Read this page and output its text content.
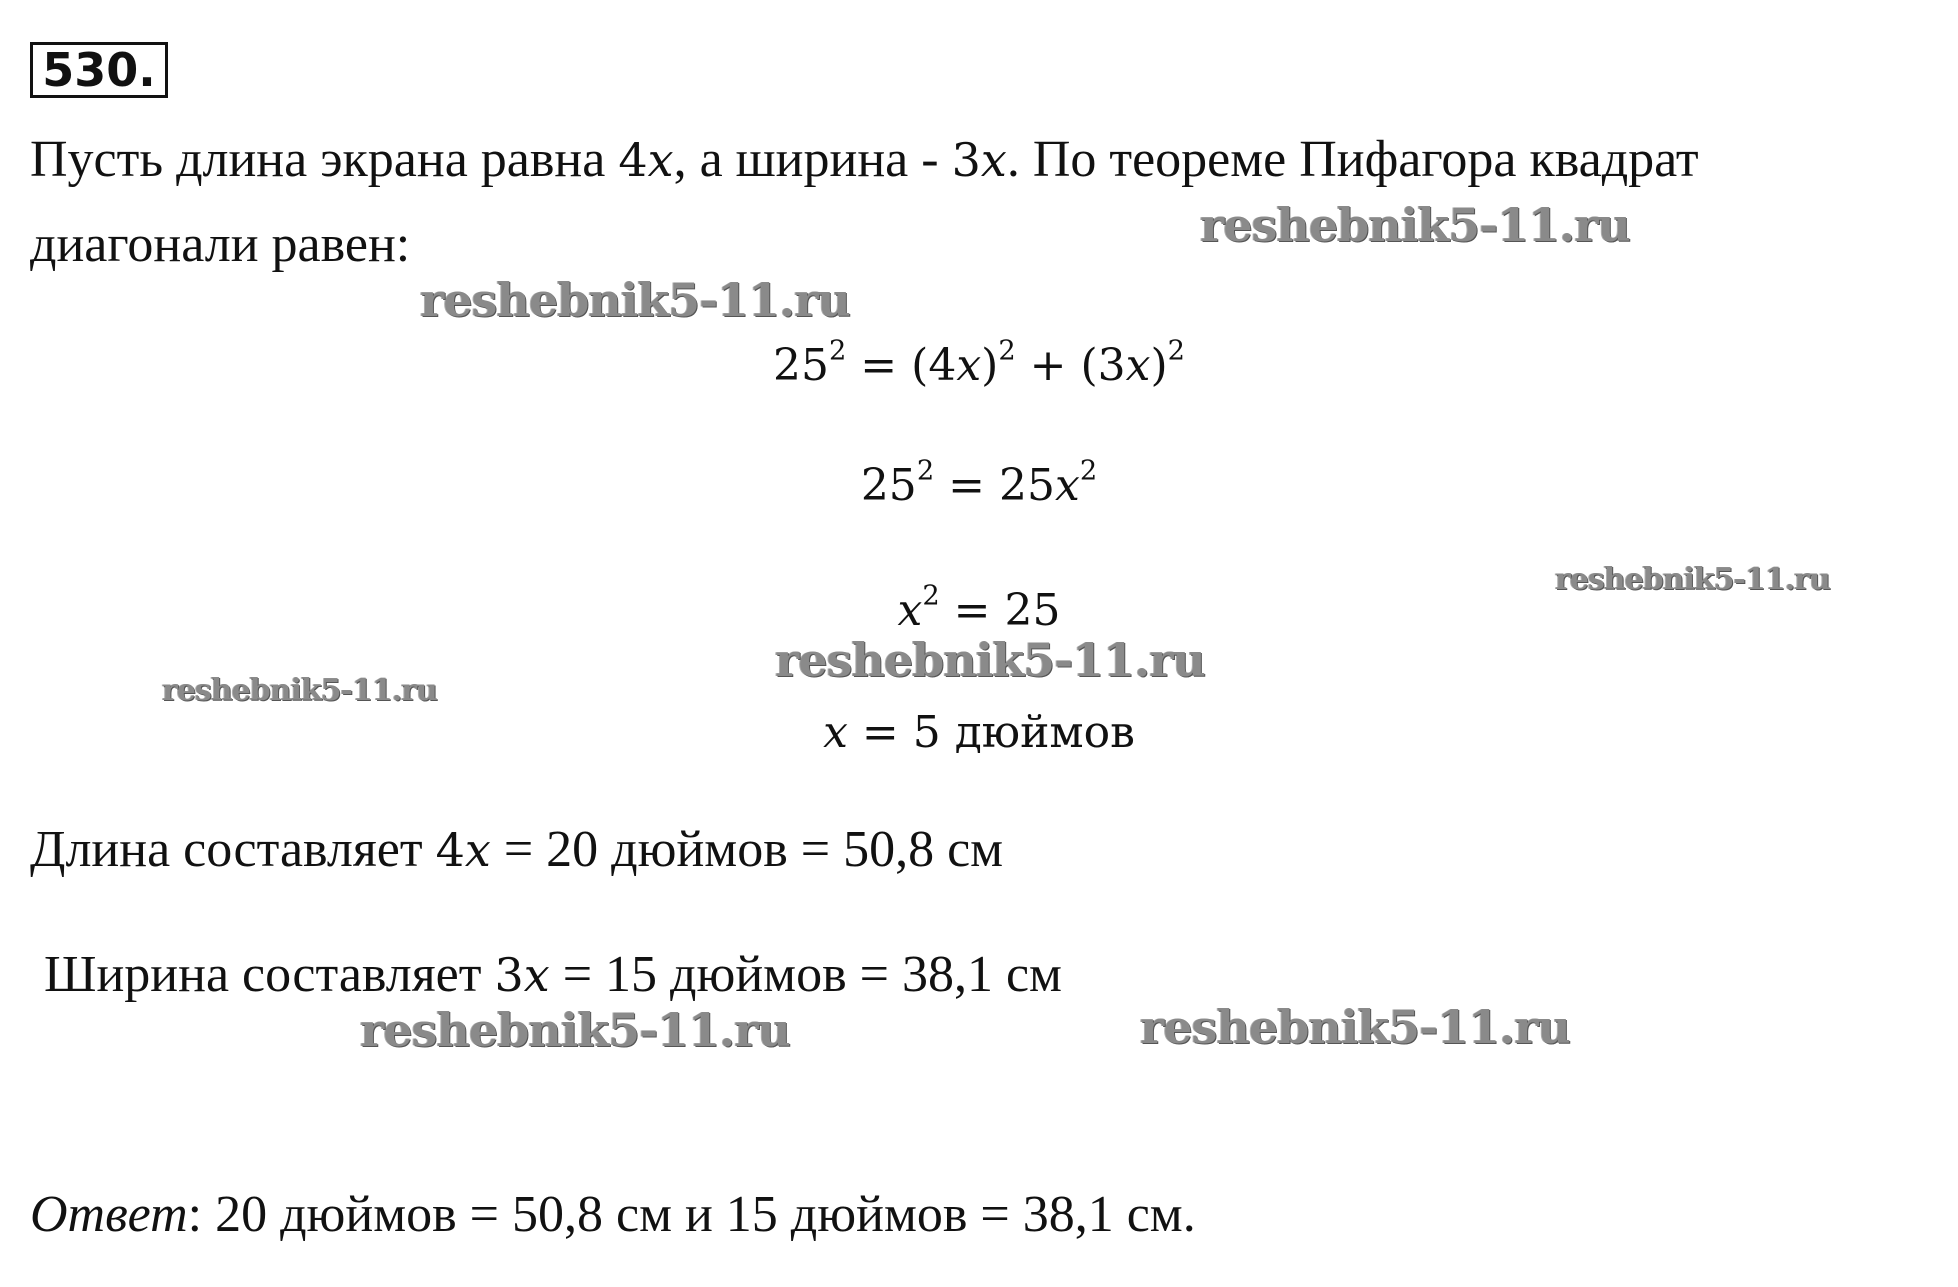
530.
Пусть длина экрана равна 4x, а ширина - 3x. По теореме Пифагора квадрат
диагонали равен:
$25^2 = (4x)^2 + (3x)^2$
$25^2 = 25x^2$
$x^2 = 25$
x = 5 дюймов
Длина составляет 4x = 20 дюймов = 50,8 см
Ширина составляет 3x = 15 дюймов = 38,1 см
Ответ: 20 дюймов = 50,8 см и 15 дюймов = 38,1 см.
reshebnik5-11.ru
reshebnik5-11.ru
reshebnik5-11.ru
reshebnik5-11.ru
reshebnik5-11.ru
reshebnik5-11.ru	reshebnik5-11.ru
